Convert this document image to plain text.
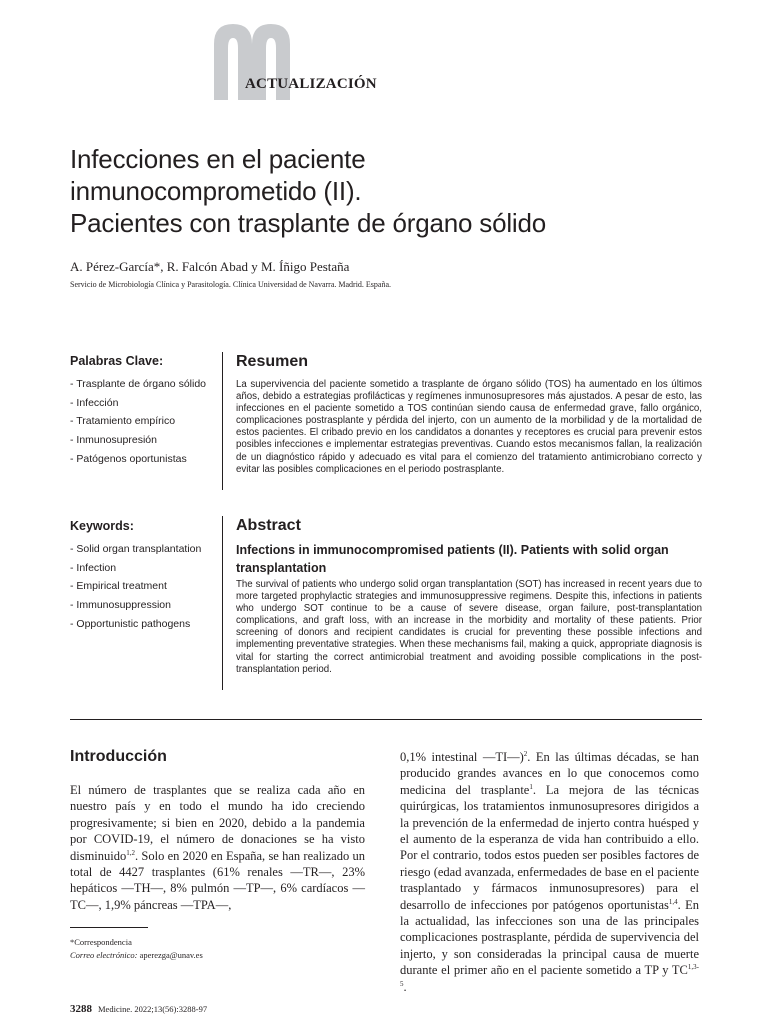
ACTUALIZACIÓN
Infecciones en el paciente
inmunocomprometido (II).
Pacientes con trasplante de órgano sólido
A. Pérez-García*, R. Falcón Abad y M. Íñigo Pestaña
Servicio de Microbiología Clínica y Parasitología. Clínica Universidad de Navarra. Madrid. España.
Palabras Clave:
- Trasplante de órgano sólido
- Infección
- Tratamiento empírico
- Inmunosupresión
- Patógenos oportunistas
Resumen
La supervivencia del paciente sometido a trasplante de órgano sólido (TOS) ha aumentado en los últimos años, debido a estrategias profilácticas y regímenes inmunosupresores más ajustados. A pesar de esto, las infecciones en el paciente sometido a TOS continúan siendo causa de enfermedad grave, fallo orgánico, complicaciones postrasplante y pérdida del injerto, con un aumento de la morbilidad y de la mortalidad de estos pacientes. El cribado previo en los candidatos a donantes y receptores es crucial para prevenir estos posibles infecciones e implementar estrategias preventivas. Cuando estos mecanismos fallan, la realización de un diagnóstico rápido y adecuado es vital para el comienzo del tratamiento antimicrobiano correcto y evitar las posibles complicaciones en el periodo postrasplante.
Keywords:
- Solid organ transplantation
- Infection
- Empirical treatment
- Immunosuppression
- Opportunistic pathogens
Abstract
Infections in immunocompromised patients (II). Patients with solid organ transplantation
The survival of patients who undergo solid organ transplantation (SOT) has increased in recent years due to more targeted prophylactic strategies and immunosuppressive regimens. Despite this, infections in patients who undergo SOT continue to be a cause of severe disease, organ failure, post-transplantation complications, and graft loss, with an increase in the morbidity and mortality of these patients. Prior screening of donors and recipient candidates is crucial for preventing these possible infections and implementing preventative strategies. When these mechanisms fail, making a quick, appropriate diagnosis is vital for starting the correct antimicrobial treatment and avoiding possible complications in the post-transplantation period.
Introducción
El número de trasplantes que se realiza cada año en nuestro país y en todo el mundo ha ido creciendo progresivamente; si bien en 2020, debido a la pandemia por COVID-19, el número de donaciones se ha visto disminuido$^{1,2}$. Solo en 2020 en España, se han realizado un total de 4427 trasplantes (61% renales —TR—, 23% hepáticos —TH—, 8% pulmón —TP—, 6% cardíacos —TC—, 1,9% páncreas —TPA—,
0,1% intestinal —TI—)$^2$. En las últimas décadas, se han producido grandes avances en lo que conocemos como medicina del trasplante$^1$. La mejora de las técnicas quirúrgicas, los tratamientos inmunosupresores dirigidos a la prevención de la enfermedad de injerto contra huésped y el aumento de la esperanza de vida han contribuido a ello. Por el contrario, todos estos pueden ser posibles factores de riesgo (edad avanzada, enfermedades de base en el paciente trasplantado y fármacos inmunosupresores) para el desarrollo de infecciones por patógenos oportunistas$^{1,4}$. En la actualidad, las infecciones son una de las principales complicaciones postrasplante, pérdida de supervivencia del injerto, y son consideradas la principal causa de muerte durante el primer año en el paciente sometido a TP y TC$^{1,3-5}$.
*Correspondencia
Correo electrónico: aperezga@unav.es
3288 Medicine. 2022;13(56):3288-97
